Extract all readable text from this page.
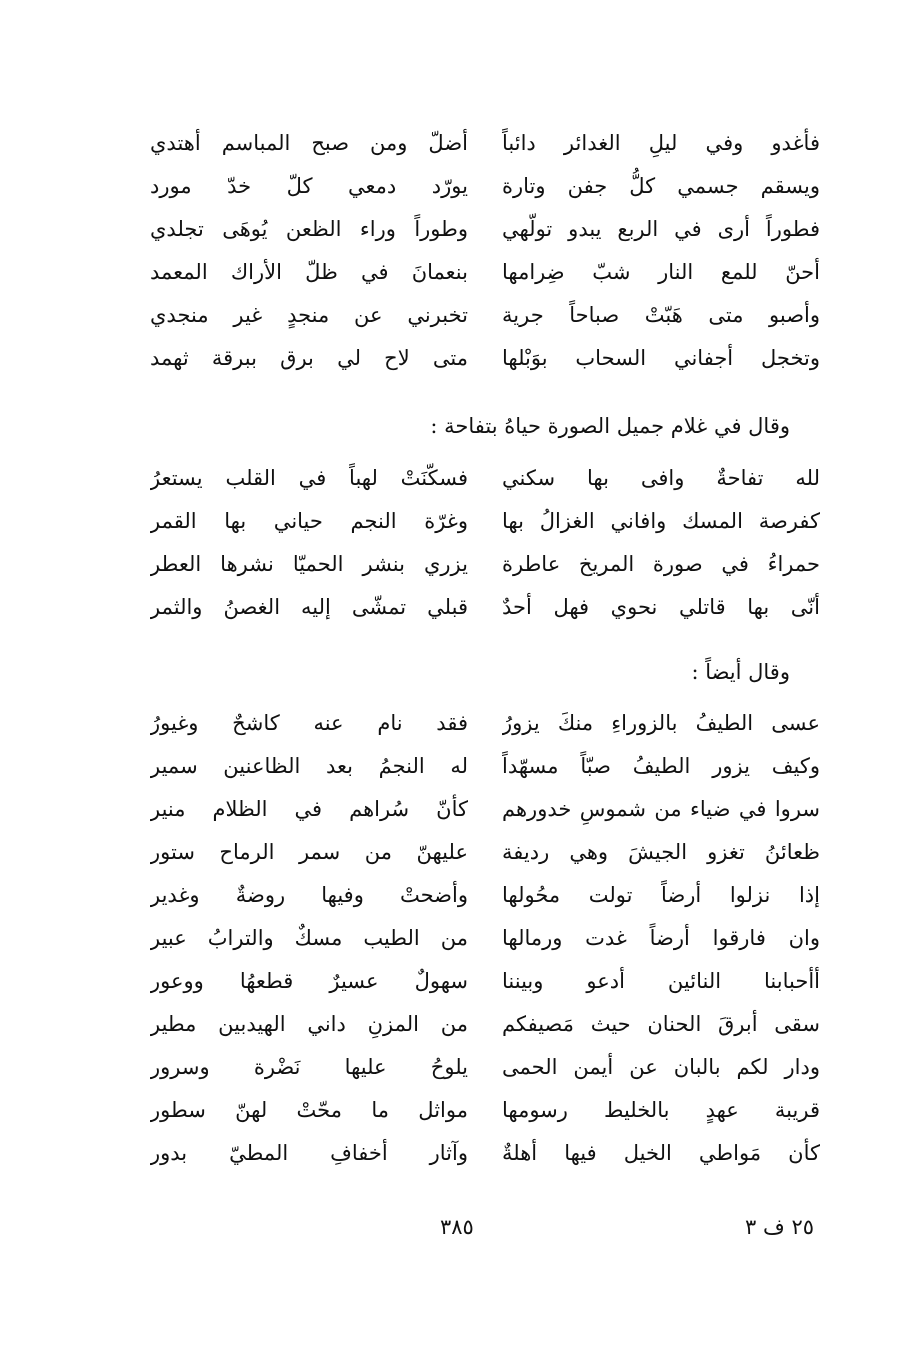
فأغدو وفي ليلِ الغدائر دائباً
أضلّ ومن صبح المباسم أهتدي
ويسقم جسمي كلُّ جفن وتارة
يورّد دمعي كلّ خدّ مورد
فطوراً أرى في الربع يبدو تولّهي
وطوراً وراء الظعن يُوهَى تجلدي
أحنّ للمع النار شبّ ضِرامها
بنعمانَ في ظلّ الأراك المعمد
وأصبو متى هَبّتْ صباحاً جرية
تخبرني عن منجدٍ غير منجدي
وتخجل أجفاني السحاب بوَبْلها
متى لاح لي برق ببرقة ثهمد
وقال في غلام جميل الصورة حياهُ بتفاحة :
لله تفاحةٌ وافى بها سكني
فسكّنَتْ لهباً في القلب يستعرُ
كفرصة المسك وافاني الغزالُ بها
وغرّة النجم حياني بها القمر
حمراءُ في صورة المريخ عاطرة
يزري بنشر الحميّا نشرها العطر
أنّى بها قاتلي نحوي فهل أحدٌ
قبلي تمشّى إليه الغصنُ والثمر
وقال أيضاً :
عسى الطيفُ بالزوراءِ منكَ يزورُ
فقد نام عنه كاشحٌ وغيورُ
وكيف يزور الطيفُ صبّاً مسهّداً
له النجمُ بعد الظاعنين سمير
سروا في ضياء من شموسِ خدورهم
كأنّ سُراهم في الظلام منير
ظعائنُ تغزو الجيشَ وهي رديفة
عليهنّ من سمر الرماح ستور
إذا نزلوا أرضاً تولت محُولها
وأضحتْ وفيها روضةٌ وغدير
وان فارقوا أرضاً غدت ورمالها
من الطيب مسكٌ والترابُ عبير
أأحبابنا النائين أدعو وبيننا
سهولٌ عسيرٌ قطعهُا ووعور
سقى أبرقَ الحنان حيث مَصيفكم
من المزنِ داني الهيدبين مطير
ودار لكم بالبان عن أيمن الحمى
يلوحُ عليها نَضْرة وسرور
قريبة عهدٍ بالخليط رسومها
مواثل ما محّتْ لهنّ سطور
كأن مَواطي الخيل فيها أهلةٌ
وآثار أخفافِ المطيّ بدور
٢٥ ف ٣
٣٨٥
